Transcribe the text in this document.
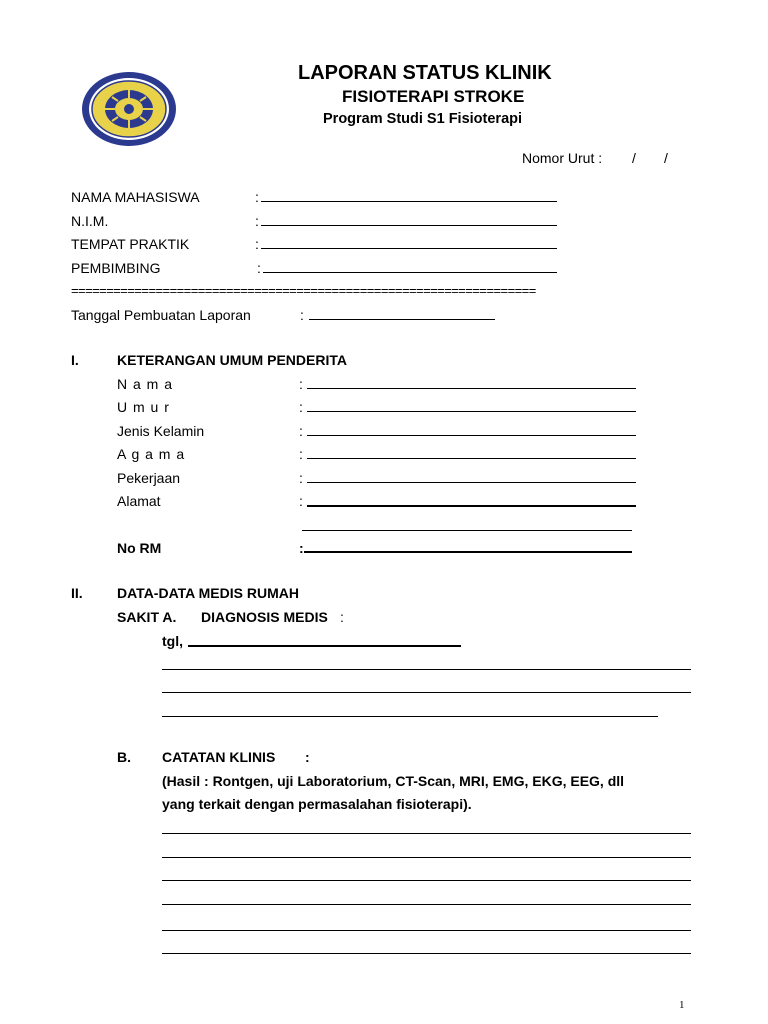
LAPORAN STATUS KLINIK
FISIOTERAPI STROKE
Program Studi S1 Fisioterapi
Nomor Urut : / /
NAMA MAHASISWA	:
N.I.M.	:
TEMPAT PRAKTIK	:
PEMBIMBING	:
==================================================================
Tanggal Pembuatan Laporan	:
I.	KETERANGAN UMUM PENDERITA
N a m a	:
U m u r	:
Jenis Kelamin	:
A g a m a	:
Pekerjaan	:
Alamat	:
No RM	:
II. DATA-DATA MEDIS RUMAH
SAKIT A. DIAGNOSIS MEDIS :
tgl,
B. CATATAN KLINIS :
(Hasil : Rontgen, uji Laboratorium, CT-Scan, MRI, EMG, EKG, EEG, dll
yang terkait dengan permasalahan fisioterapi).
1
